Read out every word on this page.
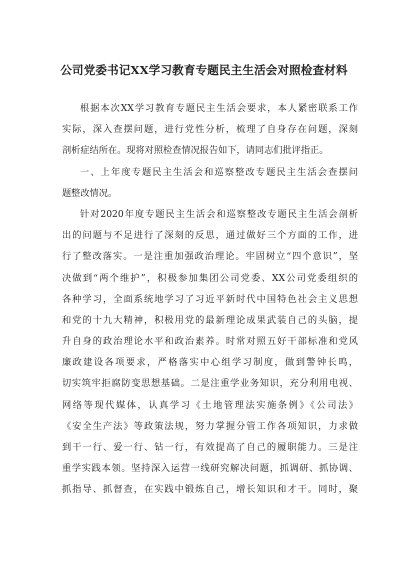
公司党委书记XX学习教育专题民主生活会对照检查材料
根据本次XX学习教育专题民主生活会要求，本人紧密联系工作
实际，深入查摆问题，进行党性分析，梳理了自身存在问题，深刻
剖析症结所在。现将对照检查情况报告如下，请同志们批评指正。
一、上年度专题民主生活会和巡察整改专题民主生活会查摆问
题整改情况。
针对2020年度专题民主生活会和巡察整改专题民主生活会剖析
出的问题与不足进行了深刻的反思，通过做好三个方面的工作，进
行了整改落实。一是注重加强政治理论。牢固树立“四个意识”，坚
决做到“两个维护”，积极参加集团公司党委、XX公司党委组织的
各种学习，全面系统地学习了习近平新时代中国特色社会主义思想
和党的十九大精神，积极用党的最新理论成果武装自己的头脑，提
升自身的政治理论水平和政治素养。时常对照五好干部标准和党风
廉政建设各项要求，严格落实中心组学习制度，做到警钟长鸣，
切实筑牢拒腐防变思想基础。二是注重学业务知识，充分利用电视、
网络等现代媒体，认真学习《土地管理法实施条例》《公司法》
《安全生产法》等政策法规，努力掌握分管工作各项知识，力求做
到干一行、爱一行、钻一行，有效提高了自己的履职能力。三是注
重学实践本领。坚持深入运营一线研究解决问题，抓调研、抓协调、
抓指导、抓督查，在实践中锻炼自己，增长知识和才干。同时，聚
